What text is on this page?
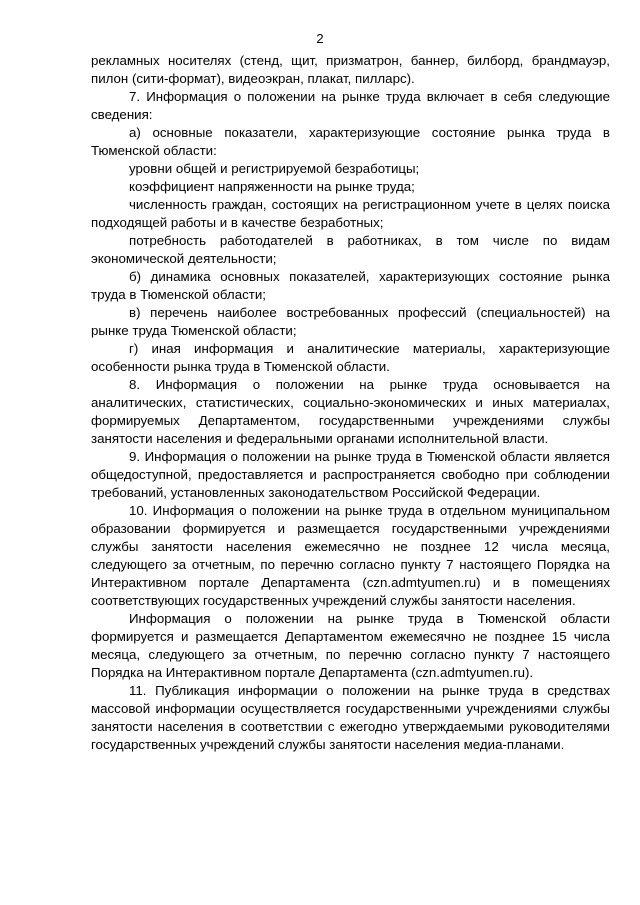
2

рекламных носителях (стенд, щит, призматрон, баннер, билборд, брандмауэр, пилон (сити-формат), видеоэкран, плакат, пилларс).

7. Информация о положении на рынке труда включает в себя следующие сведения:

а) основные показатели, характеризующие состояние рынка труда в Тюменской области:

уровни общей и регистрируемой безработицы;

коэффициент напряженности на рынке труда;

численность граждан, состоящих на регистрационном учете в целях поиска подходящей работы и в качестве безработных;

потребность работодателей в работниках, в том числе по видам экономической деятельности;

б) динамика основных показателей, характеризующих состояние рынка труда в Тюменской области;

в) перечень наиболее востребованных профессий (специальностей) на рынке труда Тюменской области;

г) иная информация и аналитические материалы, характеризующие особенности рынка труда в Тюменской области.

8. Информация о положении на рынке труда основывается на аналитических, статистических, социально-экономических и иных материалах, формируемых Департаментом, государственными учреждениями службы занятости населения и федеральными органами исполнительной власти.

9. Информация о положении на рынке труда в Тюменской области является общедоступной, предоставляется и распространяется свободно при соблюдении требований, установленных законодательством Российской Федерации.

10. Информация о положении на рынке труда в отдельном муниципальном образовании формируется и размещается государственными учреждениями службы занятости населения ежемесячно не позднее 12 числа месяца, следующего за отчетным, по перечню согласно пункту 7 настоящего Порядка на Интерактивном портале Департамента (czn.admtyumen.ru) и в помещениях соответствующих государственных учреждений службы занятости населения.

Информация о положении на рынке труда в Тюменской области формируется и размещается Департаментом ежемесячно не позднее 15 числа месяца, следующего за отчетным, по перечню согласно пункту 7 настоящего Порядка на Интерактивном портале Департамента (czn.admtyumen.ru).

11. Публикация информации о положении на рынке труда в средствах массовой информации осуществляется государственными учреждениями службы занятости населения в соответствии с ежегодно утверждаемыми руководителями государственных учреждений службы занятости населения медиа-планами.
